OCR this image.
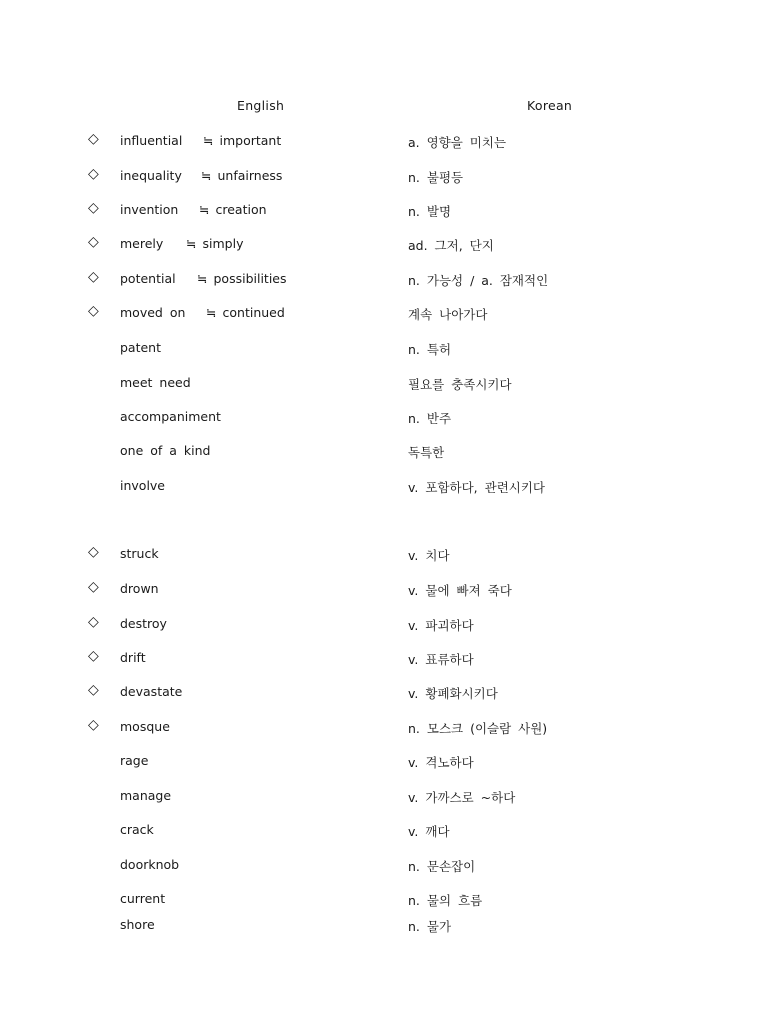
English	Korean
◇ influential ≒ important	a. 영향을 미치는
◇ inequality ≒ unfairness	n. 불평등
◇ invention ≒ creation	n. 발명
◇ merely ≒ simply	ad. 그저, 단지
◇ potential ≒ possibilities	n. 가능성 / a. 잠재적인
◇ moved on ≒ continued	계속 나아가다
patent	n. 특허
meet need	필요를 충족시키다
accompaniment	n. 반주
one of a kind	독특한
involve	v. 포함하다, 관련시키다
◇ struck	v. 치다
◇ drown	v. 물에 빠져 죽다
◇ destroy	v. 파괴하다
◇ drift	v. 표류하다
◇ devastate	v. 황폐화시키다
◇ mosque	n. 모스크 (이슬람 사원)
rage	v. 격노하다
manage	v. 가까스로 ~하다
crack	v. 깨다
doorknob	n. 문손잡이
current	n. 물의 흐름
shore	n. 물가
